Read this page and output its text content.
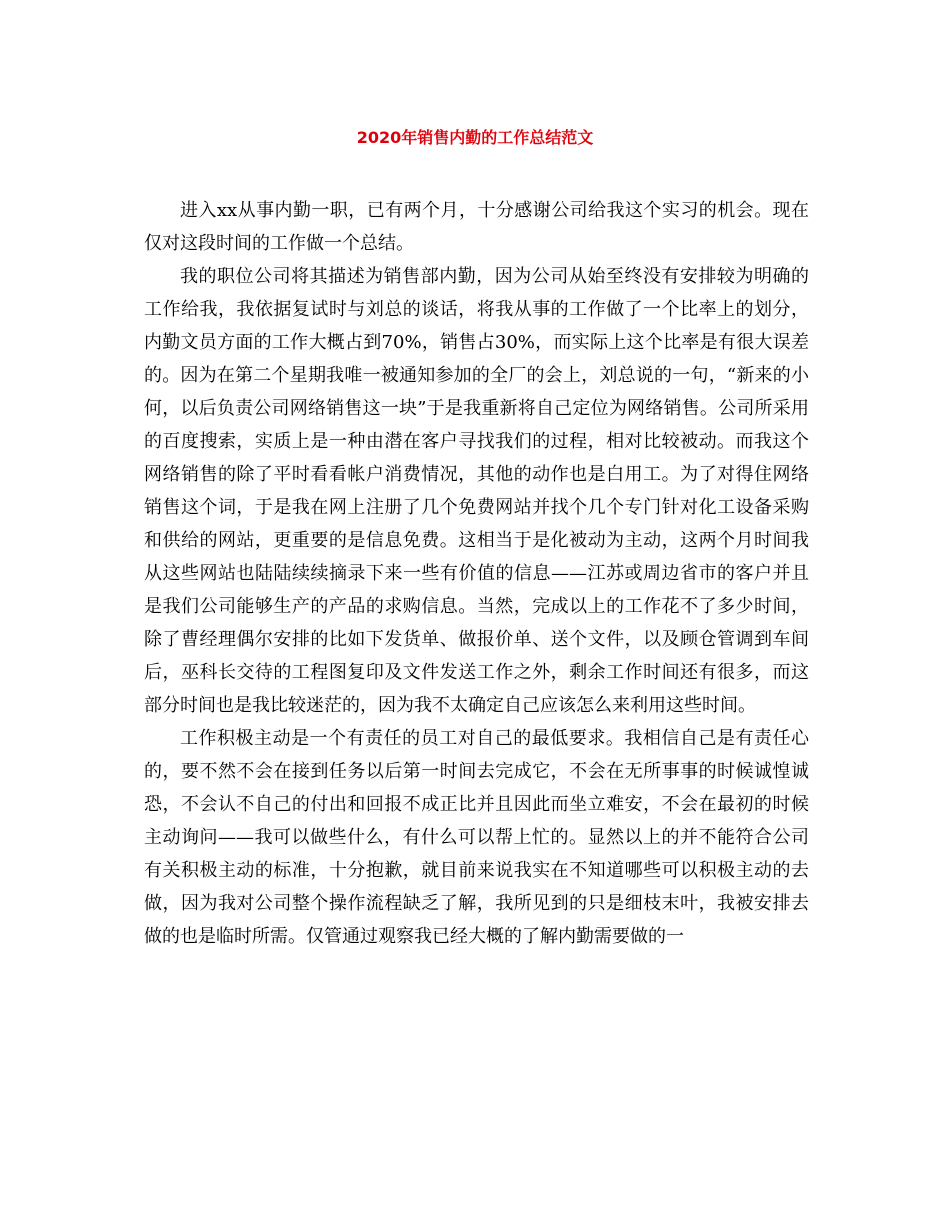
2020年销售内勤的工作总结范文

进入xx从事内勤一职，已有两个月，十分感谢公司给我这个实习的机会。现在仅对这段时间的工作做一个总结。

我的职位公司将其描述为销售部内勤，因为公司从始至终没有安排较为明确的工作给我，我依据复试时与刘总的谈话，将我从事的工作做了一个比率上的划分，内勤文员方面的工作大概占到70%，销售占30%，而实际上这个比率是有很大误差的。因为在第二个星期我唯一被通知参加的全厂的会上，刘总说的一句，“新来的小何，以后负责公司网络销售这一块”于是我重新将自己定位为网络销售。公司所采用的百度搜索，实质上是一种由潜在客户寻找我们的过程，相对比较被动。而我这个网络销售的除了平时看看帐户消费情况，其他的动作也是白用工。为了对得住网络销售这个词，于是我在网上注册了几个免费网站并找个几个专门针对化工设备采购和供给的网站，更重要的是信息免费。这相当于是化被动为主动，这两个月时间我从这些网站也陆陆续续摘录下来一些有价值的信息——江苏或周边省市的客户并且是我们公司能够生产的产品的求购信息。当然，完成以上的工作花不了多少时间，除了曹经理偶尔安排的比如下发货单、做报价单、送个文件，以及顾仓管调到车间后，巫科长交待的工程图复印及文件发送工作之外，剩余工作时间还有很多，而这部分时间也是我比较迷茫的，因为我不太确定自己应该怎么来利用这些时间。

工作积极主动是一个有责任的员工对自己的最低要求。我相信自己是有责任心的，要不然不会在接到任务以后第一时间去完成它，不会在无所事事的时候诚惶诚恐，不会认不自己的付出和回报不成正比并且因此而坐立难安，不会在最初的时候主动询问——我可以做些什么，有什么可以帮上忙的。显然以上的并不能符合公司有关积极主动的标准，十分抱歉，就目前来说我实在不知道哪些可以积极主动的去做，因为我对公司整个操作流程缺乏了解，我所见到的只是细枝末叶，我被安排去做的也是临时所需。仅管通过观察我已经大概的了解内勤需要做的一
